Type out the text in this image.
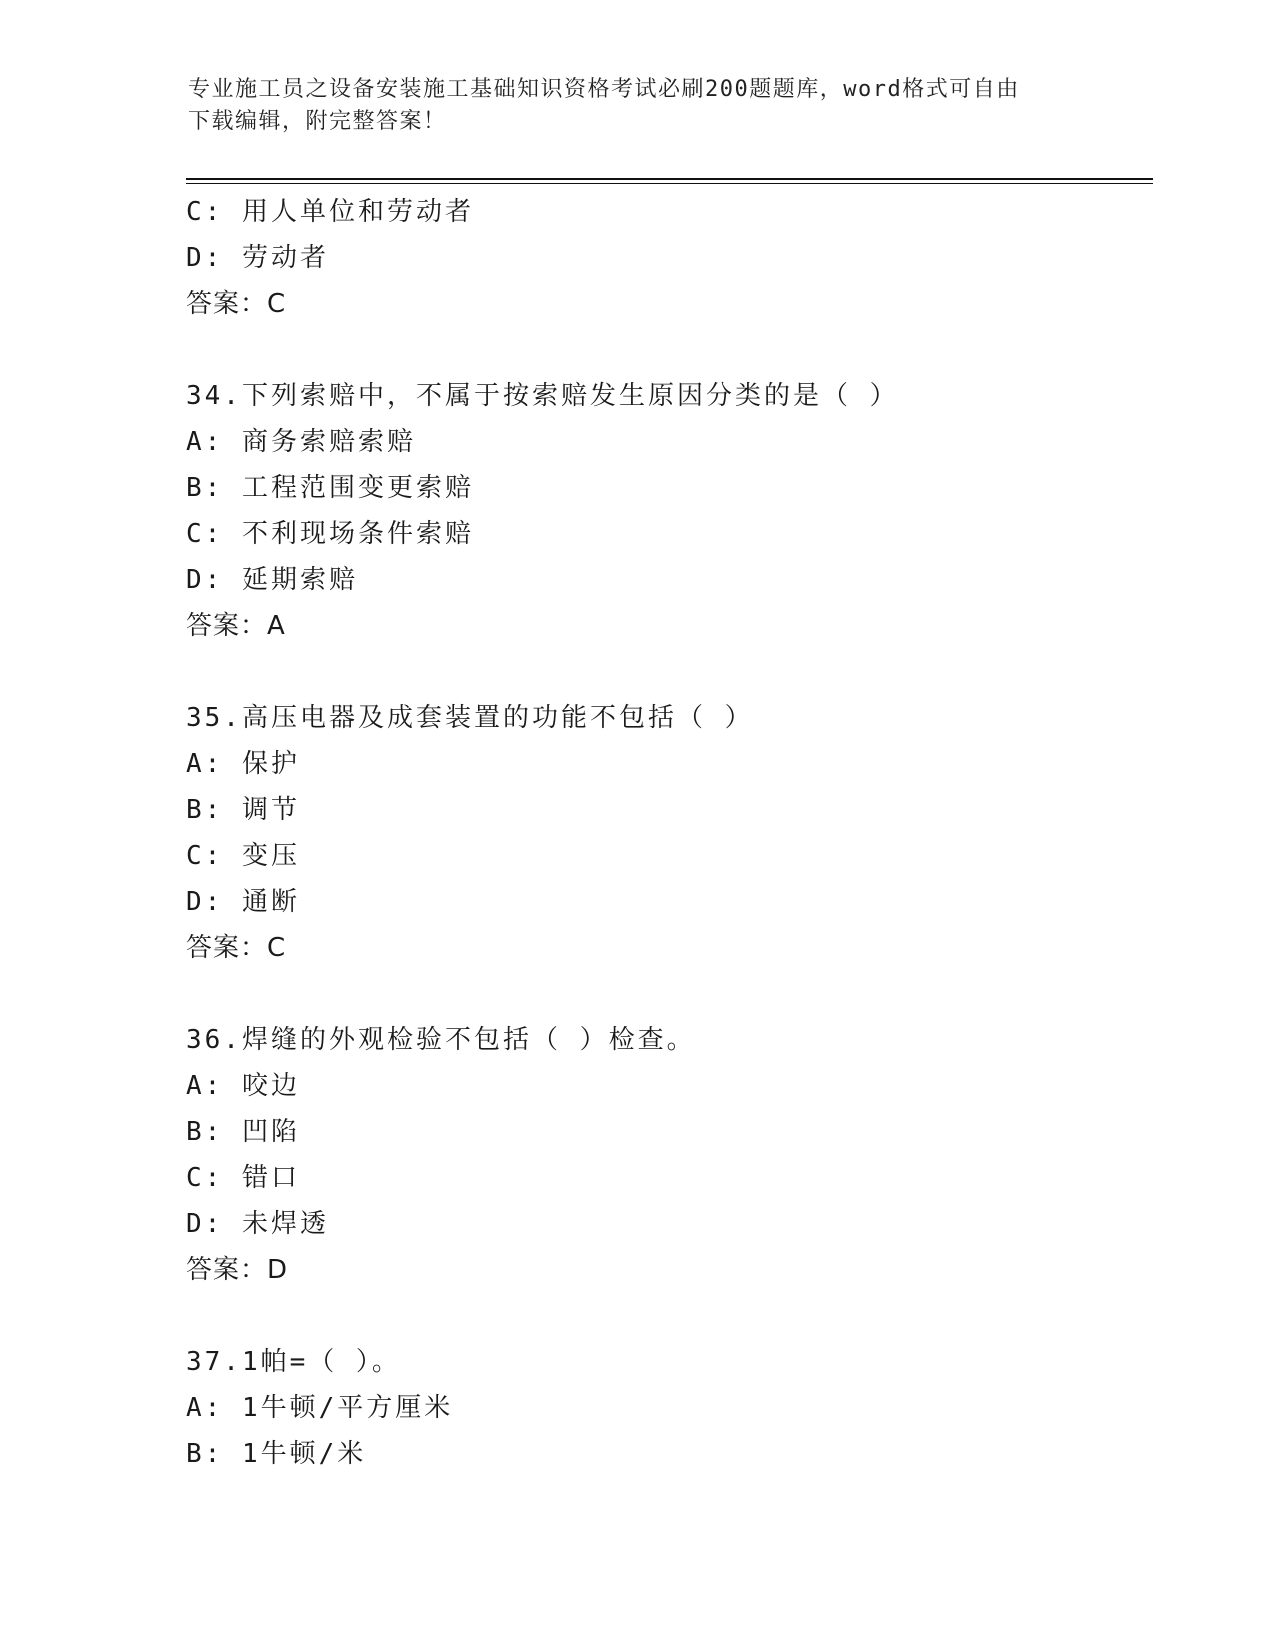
专业施工员之设备安装施工基础知识资格考试必刷200题题库，word格式可自由
下载编辑，附完整答案！
C: 用人单位和劳动者
D: 劳动者
答案：C
34.下列索赔中，不属于按索赔发生原因分类的是（ ）
A: 商务索赔索赔
B: 工程范围变更索赔
C: 不利现场条件索赔
D: 延期索赔
答案：A
35.高压电器及成套装置的功能不包括（ ）
A: 保护
B: 调节
C: 变压
D: 通断
答案：C
36.焊缝的外观检验不包括（ ）检查。
A: 咬边
B: 凹陷
C: 错口
D: 未焊透
答案：D
37.1帕=（ ）。
A: 1牛顿/平方厘米
B: 1牛顿/米
